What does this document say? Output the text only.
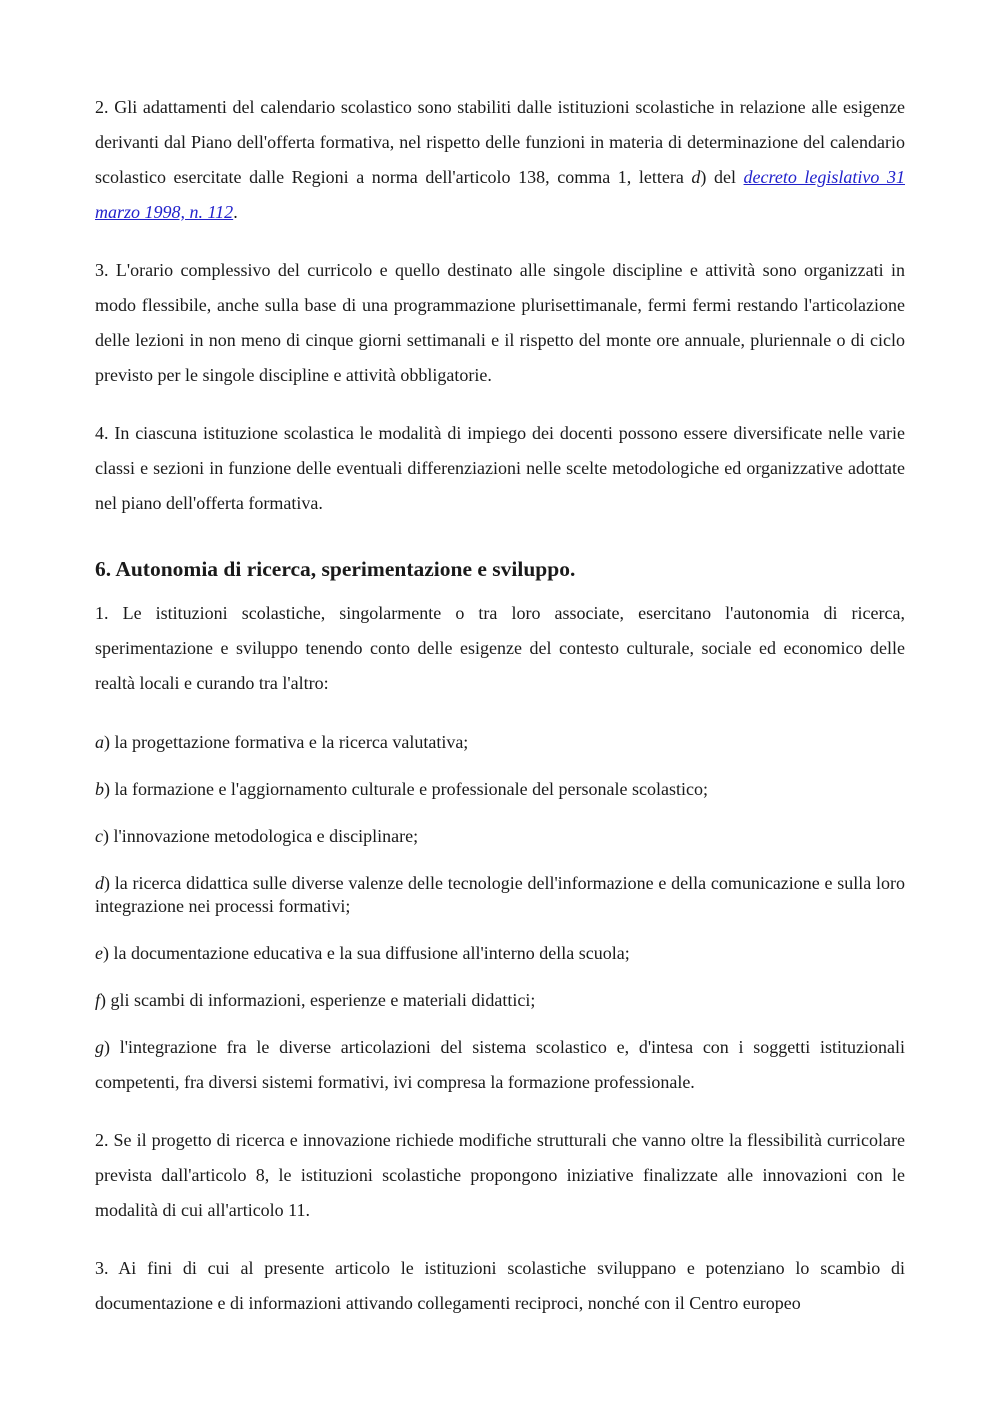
2. Gli adattamenti del calendario scolastico sono stabiliti dalle istituzioni scolastiche in relazione alle esigenze derivanti dal Piano dell'offerta formativa, nel rispetto delle funzioni in materia di determinazione del calendario scolastico esercitate dalle Regioni a norma dell'articolo 138, comma 1, lettera d) del decreto legislativo 31 marzo 1998, n. 112.

3. L'orario complessivo del curricolo e quello destinato alle singole discipline e attività sono organizzati in modo flessibile, anche sulla base di una programmazione plurisettimanale, fermi fermi restando l'articolazione delle lezioni in non meno di cinque giorni settimanali e il rispetto del monte ore annuale, pluriennale o di ciclo previsto per le singole discipline e attività obbligatorie.

4. In ciascuna istituzione scolastica le modalità di impiego dei docenti possono essere diversificate nelle varie classi e sezioni in funzione delle eventuali differenziazioni nelle scelte metodologiche ed organizzative adottate nel piano dell'offerta formativa.

6. Autonomia di ricerca, sperimentazione e sviluppo.

1. Le istituzioni scolastiche, singolarmente o tra loro associate, esercitano l'autonomia di ricerca, sperimentazione e sviluppo tenendo conto delle esigenze del contesto culturale, sociale ed economico delle realtà locali e curando tra l'altro:

a) la progettazione formativa e la ricerca valutativa;

b) la formazione e l'aggiornamento culturale e professionale del personale scolastico;

c) l'innovazione metodologica e disciplinare;

d) la ricerca didattica sulle diverse valenze delle tecnologie dell'informazione e della comunicazione e sulla loro integrazione nei processi formativi;

e) la documentazione educativa e la sua diffusione all'interno della scuola;

f) gli scambi di informazioni, esperienze e materiali didattici;

g) l'integrazione fra le diverse articolazioni del sistema scolastico e, d'intesa con i soggetti istituzionali competenti, fra diversi sistemi formativi, ivi compresa la formazione professionale.

2. Se il progetto di ricerca e innovazione richiede modifiche strutturali che vanno oltre la flessibilità curricolare prevista dall'articolo 8, le istituzioni scolastiche propongono iniziative finalizzate alle innovazioni con le modalità di cui all'articolo 11.

3. Ai fini di cui al presente articolo le istituzioni scolastiche sviluppano e potenziano lo scambio di documentazione e di informazioni attivando collegamenti reciproci, nonché con il Centro europeo
